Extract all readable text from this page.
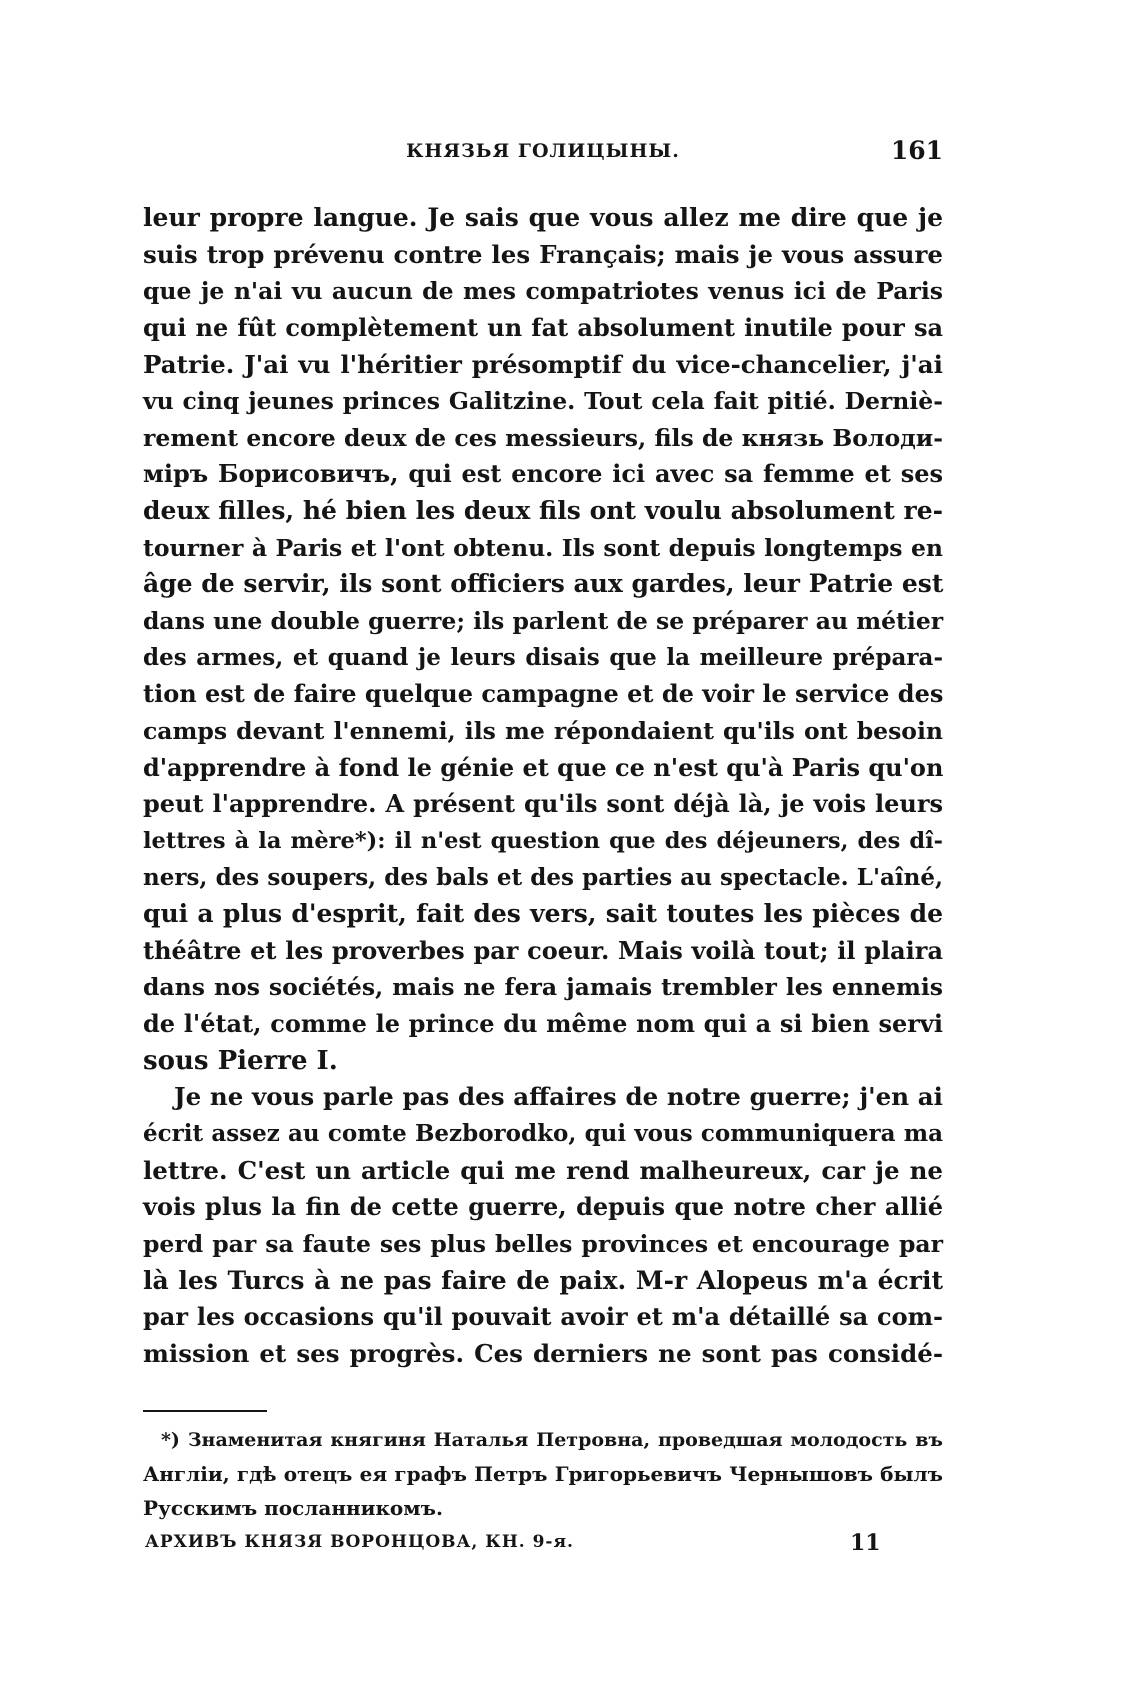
КНЯЗЬЯ ГОЛИЦЫНЫ.	161
leur propre langue. Je sais que vous allez me dire que je
suis trop prévenu contre les Français; mais je vous assure
que je n'ai vu aucun de mes compatriotes venus ici de Paris
qui ne fût complètement un fat absolument inutile pour sa
Patrie. J'ai vu l'héritier présomptif du vice-chancelier, j'ai
vu cinq jeunes princes Galitzine. Tout cela fait pitié. Derniè-
rement encore deux de ces messieurs, fils de князь Володи-
міръ Борисовичъ, qui est encore ici avec sa femme et ses
deux filles, hé bien les deux fils ont voulu absolument re-
tourner à Paris et l'ont obtenu. Ils sont depuis longtemps en
âge de servir, ils sont officiers aux gardes, leur Patrie est
dans une double guerre; ils parlent de se préparer au métier
des armes, et quand je leurs disais que la meilleure prépara-
tion est de faire quelque campagne et de voir le service des
camps devant l'ennemi, ils me répondaient qu'ils ont besoin
d'apprendre à fond le génie et que ce n'est qu'à Paris qu'on
peut l'apprendre. A présent qu'ils sont déjà là, je vois leurs
lettres à la mère*): il n'est question que des déjeuners, des dî-
ners, des soupers, des bals et des parties au spectacle. L'aîné,
qui a plus d'esprit, fait des vers, sait toutes les pièces de
théâtre et les proverbes par coeur. Mais voilà tout; il plaira
dans nos sociétés, mais ne fera jamais trembler les ennemis
de l'état, comme le prince du même nom qui a si bien servi
sous Pierre I.
Je ne vous parle pas des affaires de notre guerre; j'en ai
écrit assez au comte Bezborodko, qui vous communiquera ma
lettre. C'est un article qui me rend malheureux, car je ne
vois plus la fin de cette guerre, depuis que notre cher allié
perd par sa faute ses plus belles provinces et encourage par
là les Turcs à ne pas faire de paix. M-r Alopeus m'a écrit
par les occasions qu'il pouvait avoir et m'a détaillé sa com-
mission et ses progrès. Ces derniers ne sont pas considé-
*) Знаменитая княгиня Наталья Петровна, проведшая молодость въ
Англіи, гдѣ отецъ ея графъ Петръ Григорьевичъ Чернышовъ былъ
Русскимъ посланникомъ.
АРХИВЪ КНЯЗЯ ВОРОНЦОВА, КН. 9-я.	11
